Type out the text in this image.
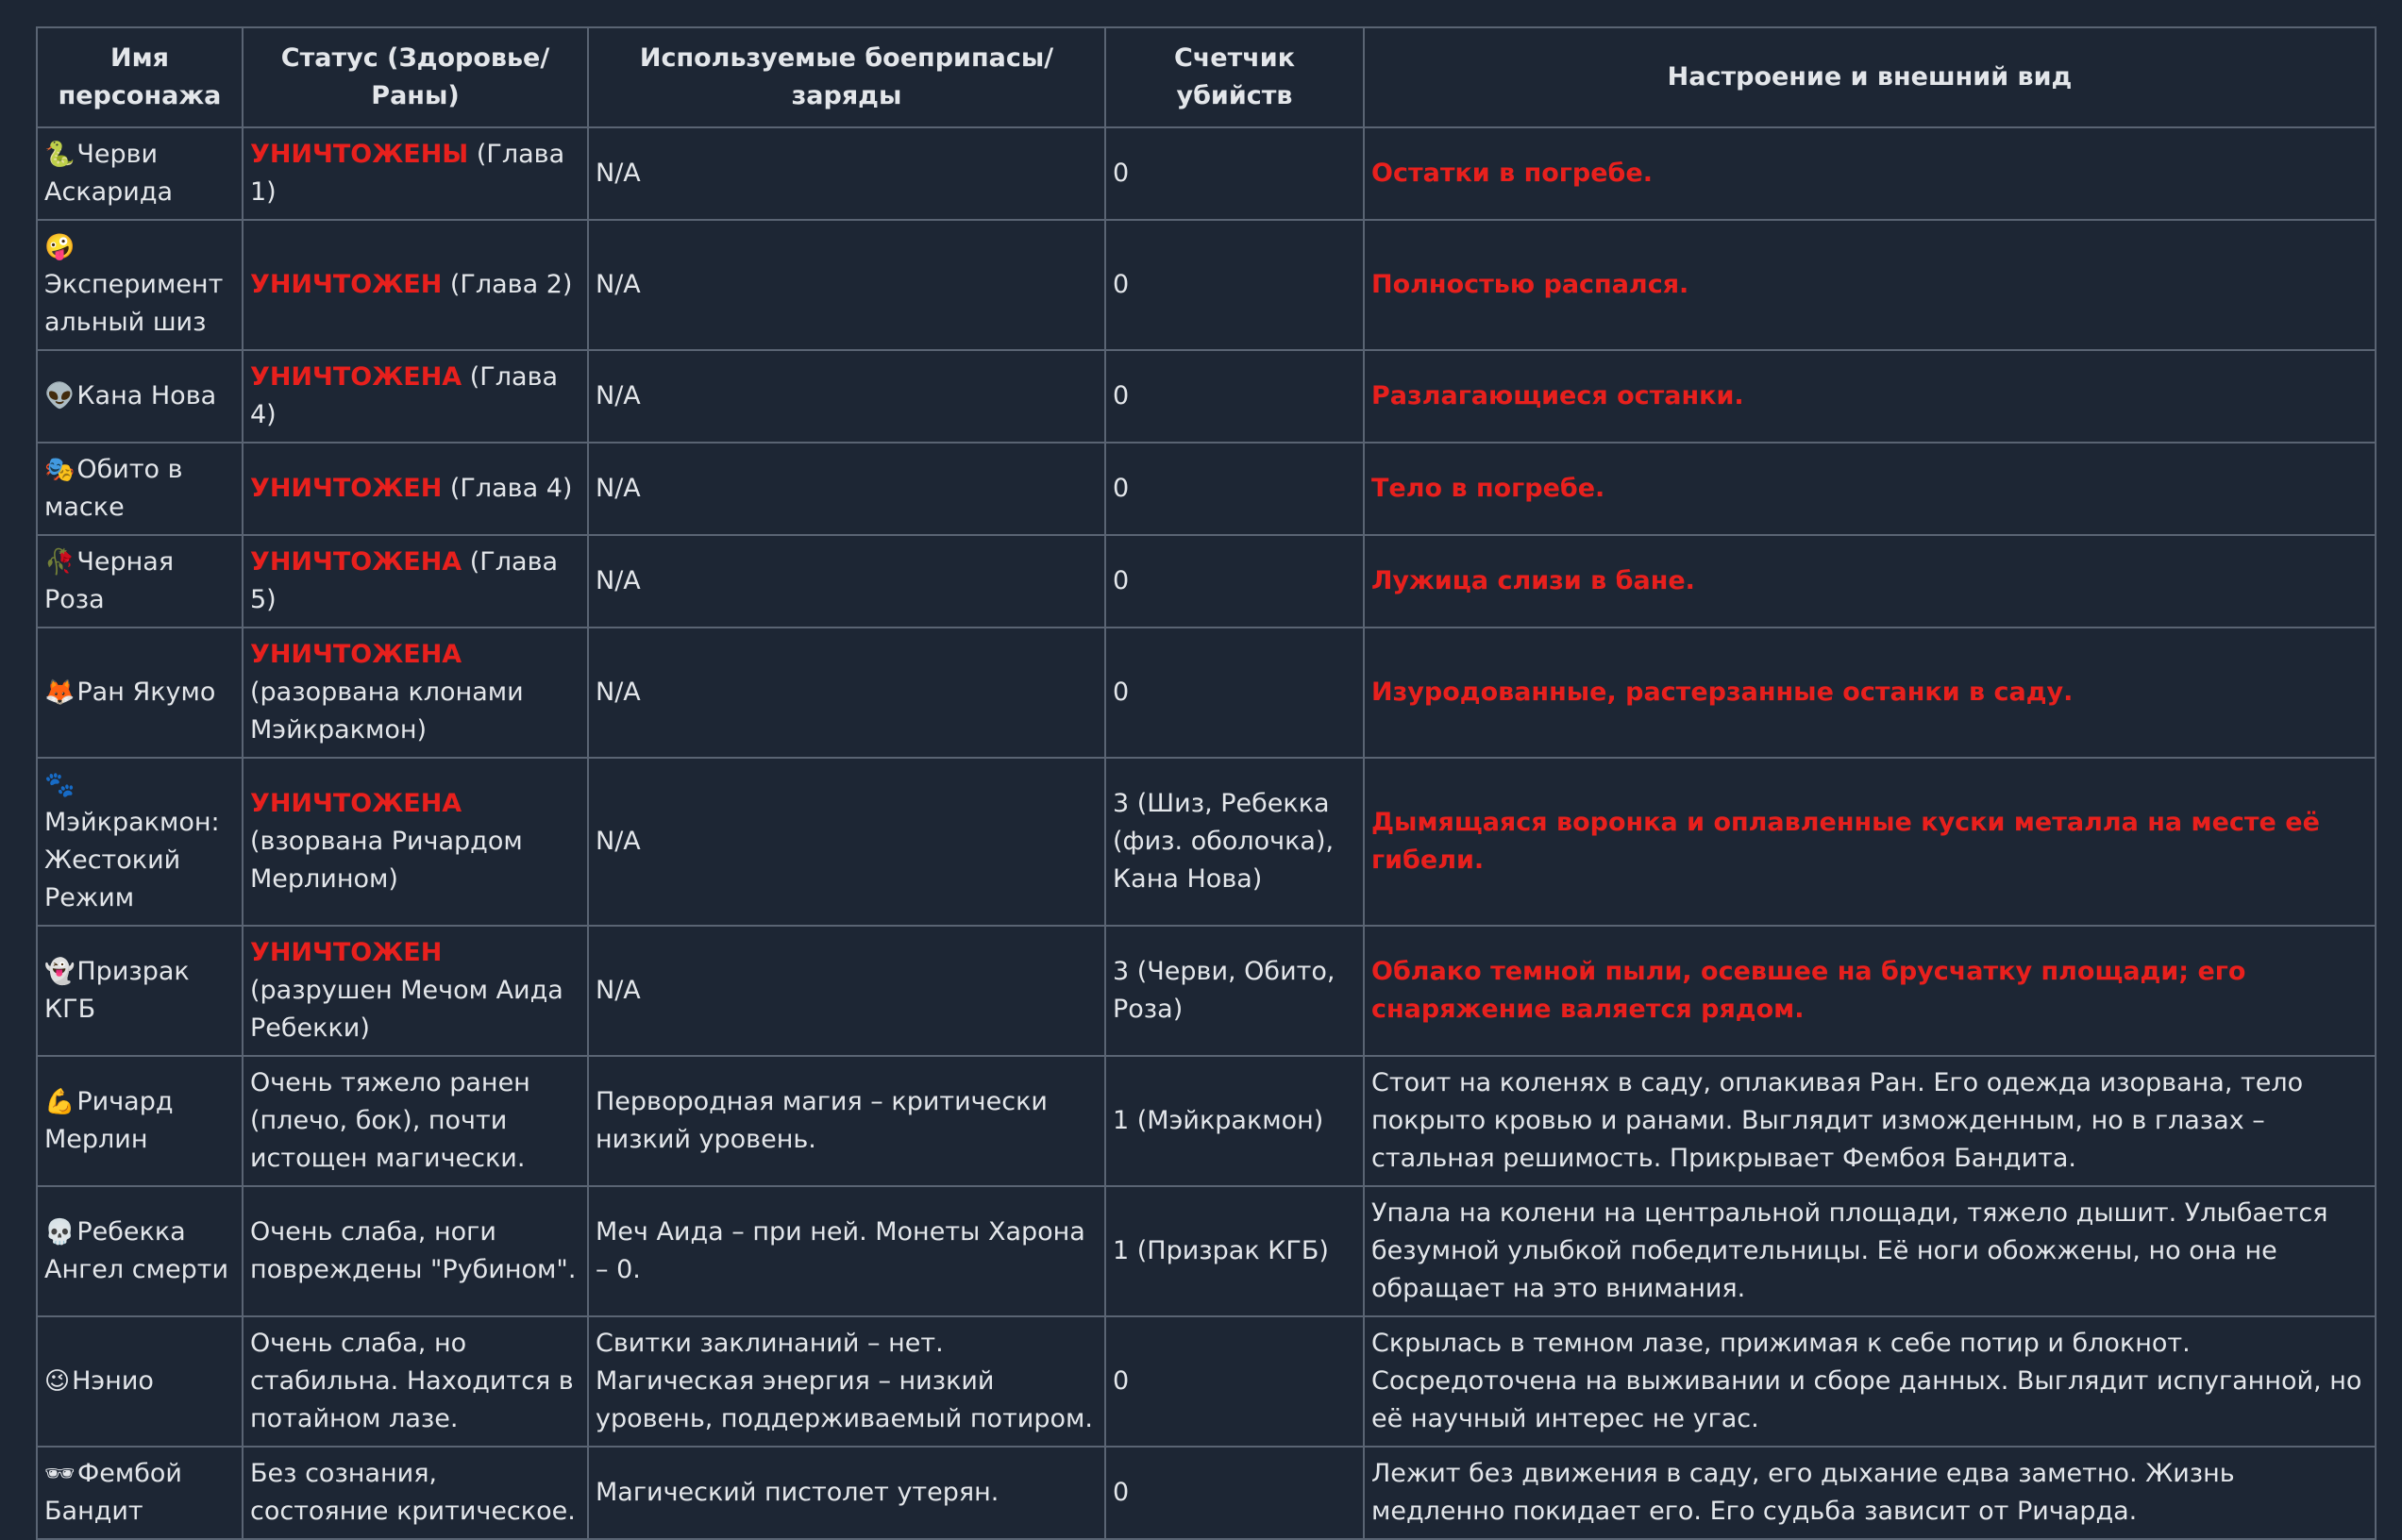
Имя персонажа	Статус (Здоровье/Раны)	Используемые боеприпасы/заряды	Счетчик убийств	Настроение и внешний вид
🐍Черви Аскарида	УНИЧТОЖЕНЫ (Глава 1)	N/A	0	Остатки в погребе.
🤪Экспериментальный шиз	УНИЧТОЖЕН (Глава 2)	N/A	0	Полностью распался.
👽Кана Нова	УНИЧТОЖЕНА (Глава 4)	N/A	0	Разлагающиеся останки.
🎭Обито в маске	УНИЧТОЖЕН (Глава 4)	N/A	0	Тело в погребе.
🥀Черная Роза	УНИЧТОЖЕНА (Глава 5)	N/A	0	Лужица слизи в бане.
🦊Ран Якумо	УНИЧТОЖЕНА (разорвана клонами Мэйкракмон)	N/A	0	Изуродованные, растерзанные останки в саду.
🐾Мэйкракмон: Жестокий Режим	УНИЧТОЖЕНА (взорвана Ричардом Мерлином)	N/A	3 (Шиз, Ребекка (физ. оболочка), Кана Нова)	Дымящаяся воронка и оплавленные куски металла на месте её гибели.
👻Призрак КГБ	УНИЧТОЖЕН (разрушен Мечом Аида Ребекки)	N/A	3 (Черви, Обито, Роза)	Облако темной пыли, осевшее на брусчатку площади; его снаряжение валяется рядом.
💪Ричард Мерлин	Очень тяжело ранен (плечо, бок), почти истощен магически.	Первородная магия – критически низкий уровень.	1 (Мэйкракмон)	Стоит на коленях в саду, оплакивая Ран. Его одежда изорвана, тело покрыто кровью и ранами. Выглядит изможденным, но в глазах – стальная решимость. Прикрывает Фембоя Бандита.
💀Ребекка Ангел смерти	Очень слаба, ноги повреждены "Рубином".	Меч Аида – при ней. Монеты Харона – 0.	1 (Призрак КГБ)	Упала на колени на центральной площади, тяжело дышит. Улыбается безумной улыбкой победительницы. Её ноги обожжены, но она не обращает на это внимания.
😉Нэнио	Очень слаба, но стабильна. Находится в потайном лазе.	Свитки заклинаний – нет. Магическая энергия – низкий уровень, поддерживаемый потиром.	0	Скрылась в темном лазе, прижимая к себе потир и блокнот. Сосредоточена на выживании и сборе данных. Выглядит испуганной, но её научный интерес не угас.
🕶Фембой Бандит	Без сознания, состояние критическое.	Магический пистолет утерян.	0	Лежит без движения в саду, его дыхание едва заметно. Жизнь медленно покидает его. Его судьба зависит от Ричарда.
